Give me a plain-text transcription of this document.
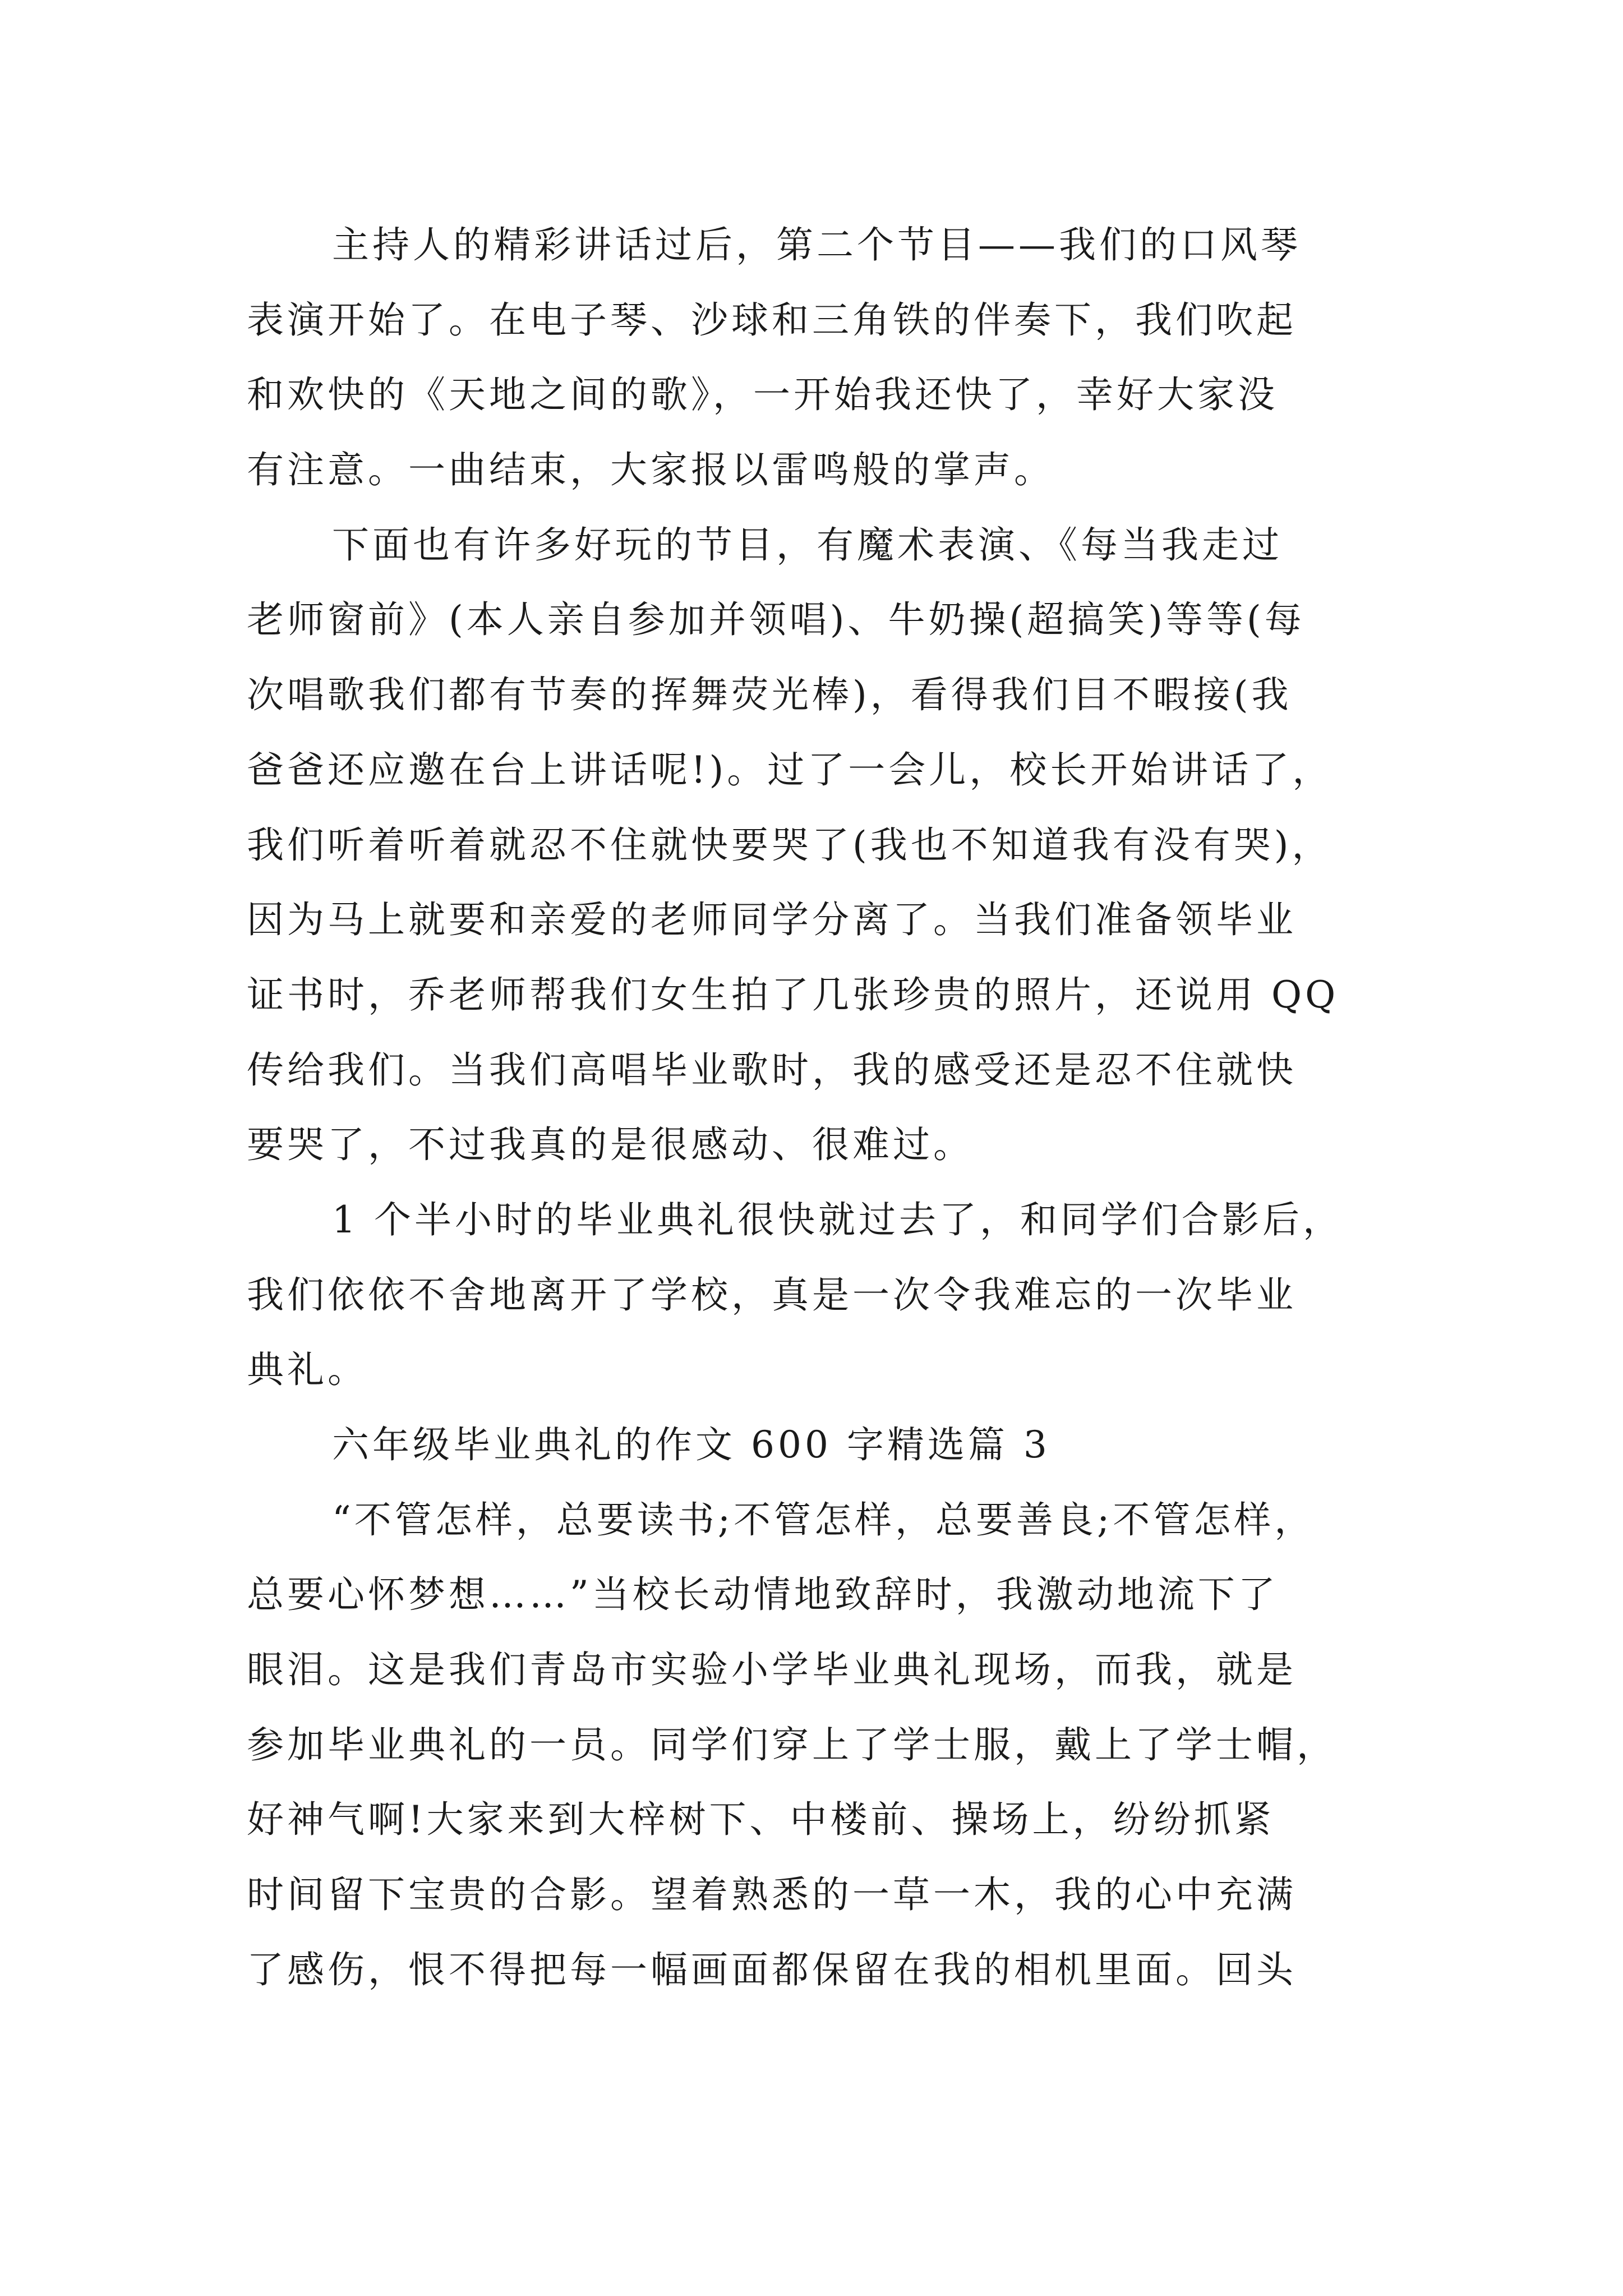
主持人的精彩讲话过后，第二个节目——我们的口风琴
表演开始了。在电子琴、沙球和三角铁的伴奏下，我们吹起
和欢快的《天地之间的歌》，一开始我还快了，幸好大家没
有注意。一曲结束，大家报以雷鸣般的掌声。
下面也有许多好玩的节目，有魔术表演、《每当我走过
老师窗前》(本人亲自参加并领唱)、牛奶操(超搞笑)等等(每
次唱歌我们都有节奏的挥舞荧光棒)，看得我们目不暇接(我
爸爸还应邀在台上讲话呢!)。过了一会儿，校长开始讲话了，
我们听着听着就忍不住就快要哭了(我也不知道我有没有哭)，
因为马上就要和亲爱的老师同学分离了。当我们准备领毕业
证书时，乔老师帮我们女生拍了几张珍贵的照片，还说用 QQ
传给我们。当我们高唱毕业歌时，我的感受还是忍不住就快
要哭了，不过我真的是很感动、很难过。
1 个半小时的毕业典礼很快就过去了，和同学们合影后，
我们依依不舍地离开了学校，真是一次令我难忘的一次毕业
典礼。
六年级毕业典礼的作文 600 字精选篇 3
“不管怎样，总要读书;不管怎样，总要善良;不管怎样，
总要心怀梦想……”当校长动情地致辞时，我激动地流下了
眼泪。这是我们青岛市实验小学毕业典礼现场，而我，就是
参加毕业典礼的一员。同学们穿上了学士服，戴上了学士帽，
好神气啊!大家来到大梓树下、中楼前、操场上，纷纷抓紧
时间留下宝贵的合影。望着熟悉的一草一木，我的心中充满
了感伤，恨不得把每一幅画面都保留在我的相机里面。回头
